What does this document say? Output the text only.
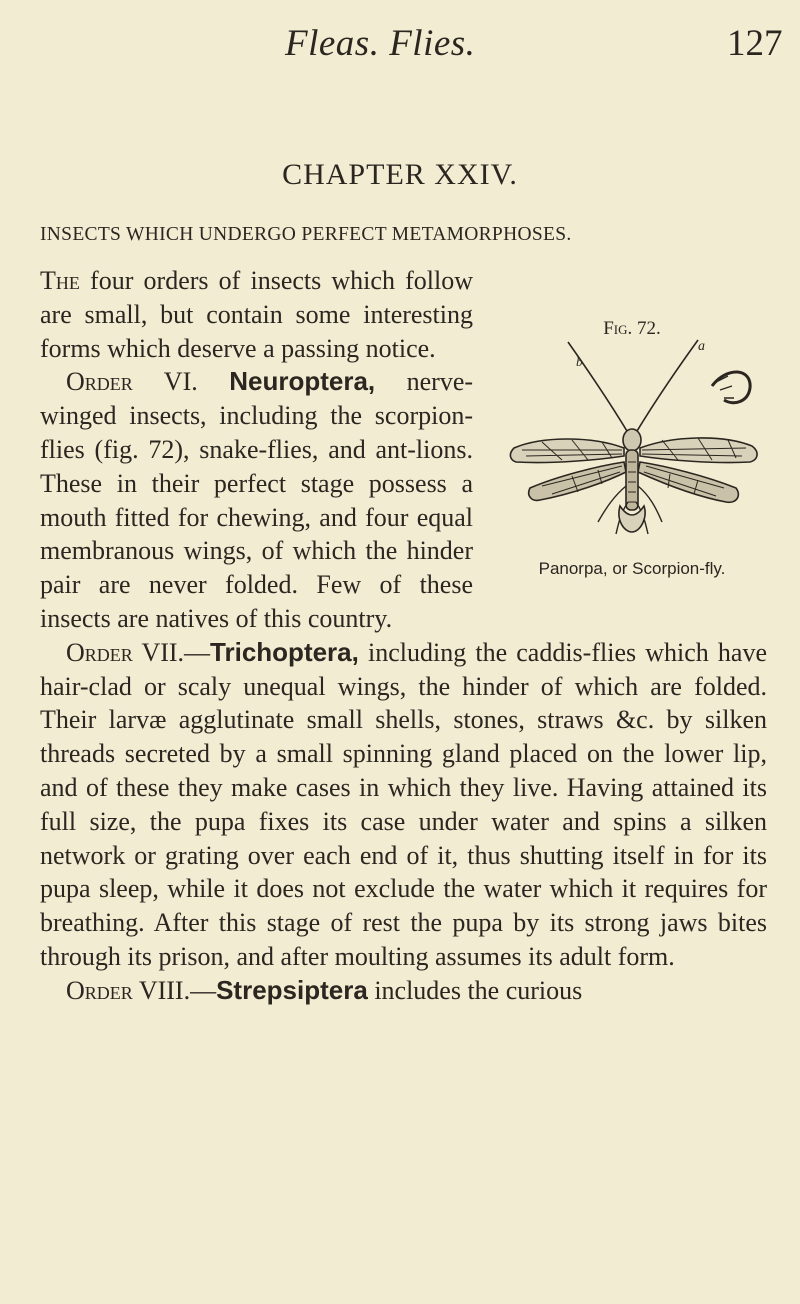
Fleas. Flies.	127
CHAPTER XXIV.
INSECTS WHICH UNDERGO PERFECT METAMORPHOSES.
Fig. 72.
b
a
Panorpa, or Scorpion-fly.

The four orders of insects which follow are small, but contain some interesting forms which deserve a passing notice.

Order VI. Neuroptera, nerve-winged insects, including the scorpion-flies (fig. 72), snake-flies, and ant-lions. These in their perfect stage possess a mouth fitted for chewing, and four equal membranous wings, of which the hinder pair are never folded. Few of these insects are natives of this country.

Order VII.—Trichoptera, including the caddis-flies which have hair-clad or scaly unequal wings, the hinder of which are folded. Their larvæ agglutinate small shells, stones, straws &c. by silken threads secreted by a small spinning gland placed on the lower lip, and of these they make cases in which they live. Having attained its full size, the pupa fixes its case under water and spins a silken network or grating over each end of it, thus shutting itself in for its pupa sleep, while it does not exclude the water which it requires for breathing. After this stage of rest the pupa by its strong jaws bites through its prison, and after moulting assumes its adult form.

Order VIII.—Strepsiptera includes the curious
